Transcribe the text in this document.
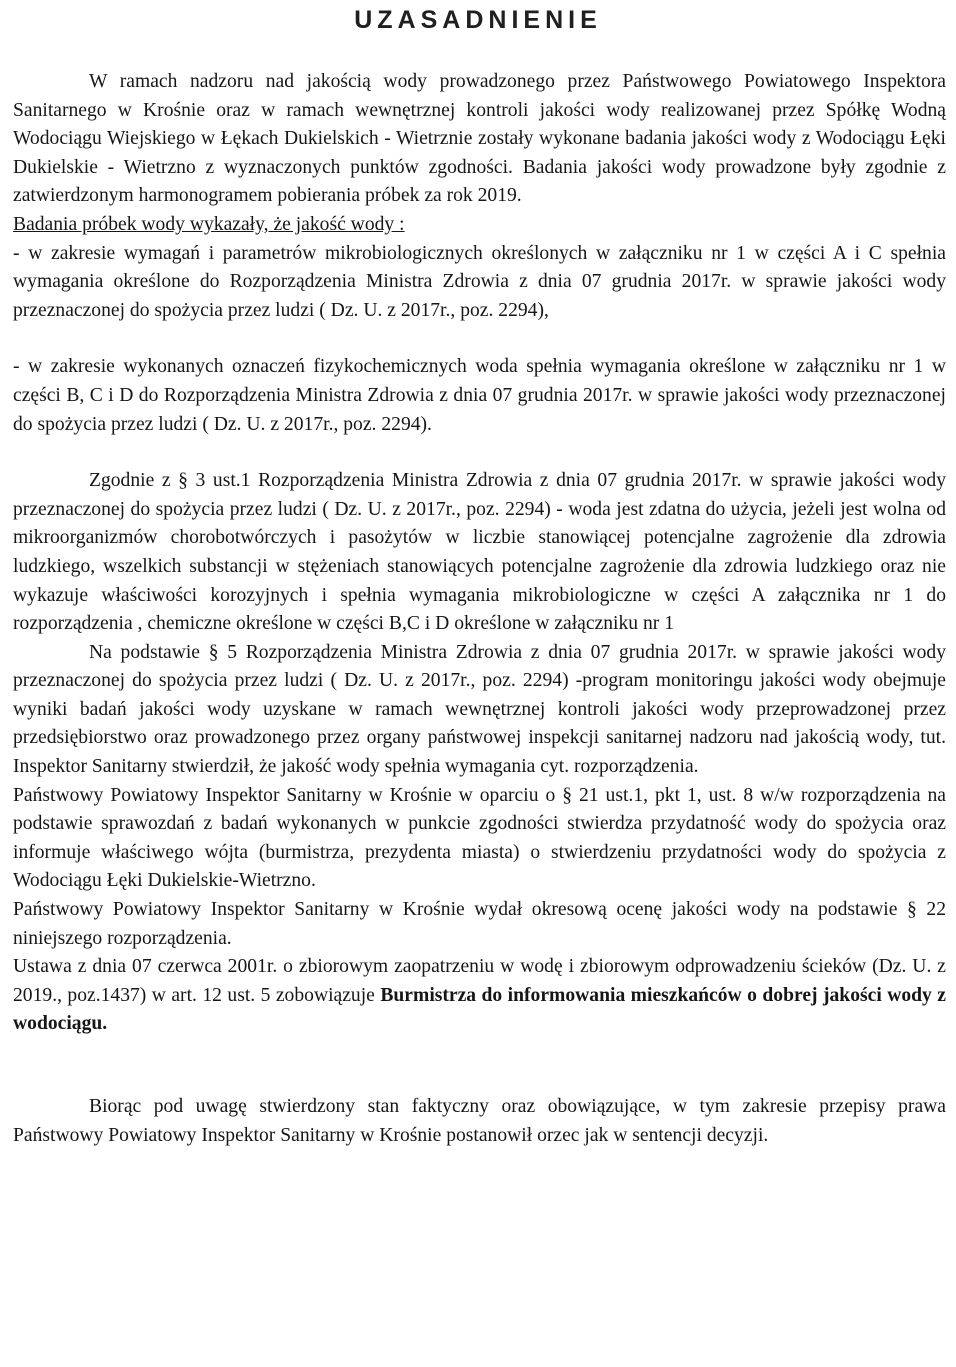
UZASADNIENIE

W ramach nadzoru nad jakością wody prowadzonego przez Państwowego Powiatowego Inspektora Sanitarnego w Krośnie oraz w ramach wewnętrznej kontroli jakości wody realizowanej przez Spółkę Wodną Wodociągu Wiejskiego w Łękach Dukielskich - Wietrznie zostały wykonane badania jakości wody z Wodociągu Łęki Dukielskie - Wietrzno z wyznaczonych punktów zgodności. Badania jakości wody prowadzone były zgodnie z zatwierdzonym harmonogramem pobierania próbek za rok 2019.

Badania próbek wody wykazały, że jakość wody :

- w zakresie wymagań i parametrów mikrobiologicznych określonych w załączniku nr 1 w części A i C spełnia wymagania określone do Rozporządzenia Ministra Zdrowia z dnia 07 grudnia 2017r. w sprawie jakości wody przeznaczonej do spożycia przez ludzi ( Dz. U. z 2017r., poz. 2294),

- w zakresie wykonanych oznaczeń fizykochemicznych woda spełnia wymagania określone w załączniku nr 1 w części B, C i D do Rozporządzenia Ministra Zdrowia z dnia 07 grudnia 2017r. w sprawie jakości wody przeznaczonej do spożycia przez ludzi ( Dz. U. z 2017r., poz. 2294).

Zgodnie z § 3 ust.1 Rozporządzenia Ministra Zdrowia z dnia 07 grudnia 2017r. w sprawie jakości wody przeznaczonej do spożycia przez ludzi ( Dz. U. z 2017r., poz. 2294) - woda jest zdatna do użycia, jeżeli jest wolna od mikroorganizmów chorobotwórczych i pasożytów w liczbie stanowiącej potencjalne zagrożenie dla zdrowia ludzkiego, wszelkich substancji w stężeniach stanowiących potencjalne zagrożenie dla zdrowia ludzkiego oraz nie wykazuje właściwości korozyjnych i spełnia wymagania mikrobiologiczne w części A załącznika nr 1 do rozporządzenia , chemiczne określone w części B,C i D określone w załączniku nr 1

Na podstawie § 5 Rozporządzenia Ministra Zdrowia z dnia 07 grudnia 2017r. w sprawie jakości wody przeznaczonej do spożycia przez ludzi ( Dz. U. z 2017r., poz. 2294) -program monitoringu jakości wody obejmuje wyniki badań jakości wody uzyskane w ramach wewnętrznej kontroli jakości wody przeprowadzonej przez przedsiębiorstwo oraz prowadzonego przez organy państwowej inspekcji sanitarnej nadzoru nad jakością wody, tut. Inspektor Sanitarny stwierdził, że jakość wody spełnia wymagania cyt. rozporządzenia.

Państwowy Powiatowy Inspektor Sanitarny w Krośnie w oparciu o § 21 ust.1, pkt 1, ust. 8 w/w rozporządzenia na podstawie sprawozdań z badań wykonanych w punkcie zgodności stwierdza przydatność wody do spożycia oraz informuje właściwego wójta (burmistrza, prezydenta miasta) o stwierdzeniu przydatności wody do spożycia z Wodociągu Łęki Dukielskie-Wietrzno.

Państwowy Powiatowy Inspektor Sanitarny w Krośnie wydał okresową ocenę jakości wody na podstawie § 22 niniejszego rozporządzenia.

Ustawa z dnia 07 czerwca 2001r. o zbiorowym zaopatrzeniu w wodę i zbiorowym odprowadzeniu ścieków (Dz. U. z 2019., poz.1437) w art. 12 ust. 5 zobowiązuje Burmistrza do informowania mieszkańców o dobrej jakości wody z wodociągu.

Biorąc pod uwagę stwierdzony stan faktyczny oraz obowiązujące, w tym zakresie przepisy prawa Państwowy Powiatowy Inspektor Sanitarny w Krośnie postanowił orzec jak w sentencji decyzji.
